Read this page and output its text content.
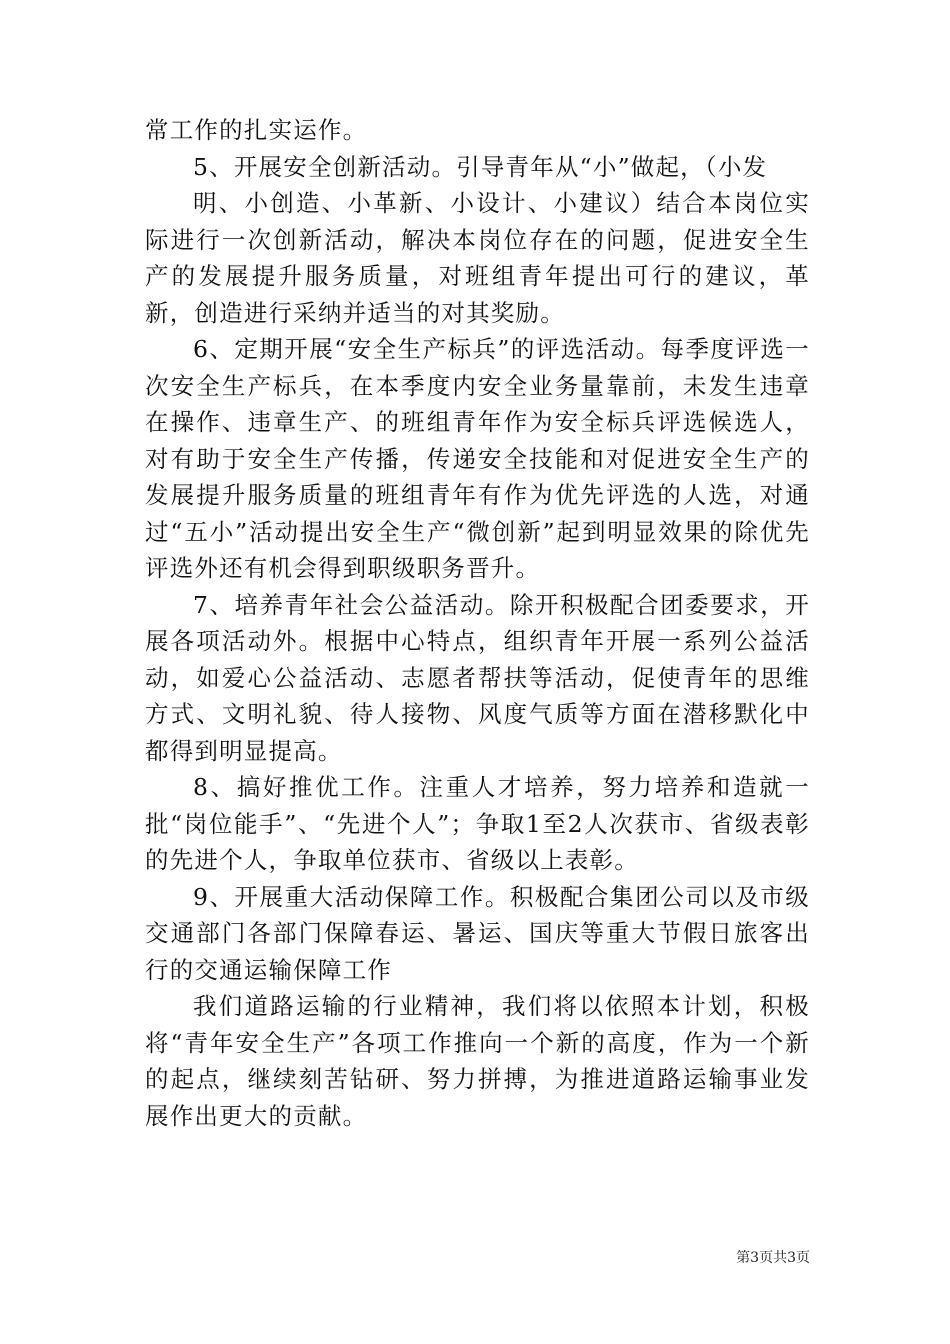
常工作的扎实运作。

5、开展安全创新活动。引导青年从“小”做起，（小发

明、小创造、小革新、小设计、小建议）结合本岗位实际进行一次创新活动，解决本岗位存在的问题，促进安全生产的发展提升服务质量，对班组青年提出可行的建议，革新，创造进行采纳并适当的对其奖励。

6、定期开展“安全生产标兵”的评选活动。每季度评选一次安全生产标兵，在本季度内安全业务量靠前，未发生违章在操作、违章生产、的班组青年作为安全标兵评选候选人，对有助于安全生产传播，传递安全技能和对促进安全生产的发展提升服务质量的班组青年有作为优先评选的人选，对通过“五小”活动提出安全生产“微创新”起到明显效果的除优先评选外还有机会得到职级职务晋升。

7、培养青年社会公益活动。除开积极配合团委要求，开展各项活动外。根据中心特点，组织青年开展一系列公益活动，如爱心公益活动、志愿者帮扶等活动，促使青年的思维方式、文明礼貌、待人接物、风度气质等方面在潜移默化中都得到明显提高。

8、搞好推优工作。注重人才培养，努力培养和造就一批“岗位能手”、“先进个人”；争取1至2人次获市、省级表彰的先进个人，争取单位获市、省级以上表彰。

9、开展重大活动保障工作。积极配合集团公司以及市级交通部门各部门保障春运、暑运、国庆等重大节假日旅客出行的交通运输保障工作

我们道路运输的行业精神，我们将以依照本计划，积极将“青年安全生产”各项工作推向一个新的高度，作为一个新的起点，继续刻苦钻研、努力拼搏，为推进道路运输事业发展作出更大的贡献。

第3页共3页
